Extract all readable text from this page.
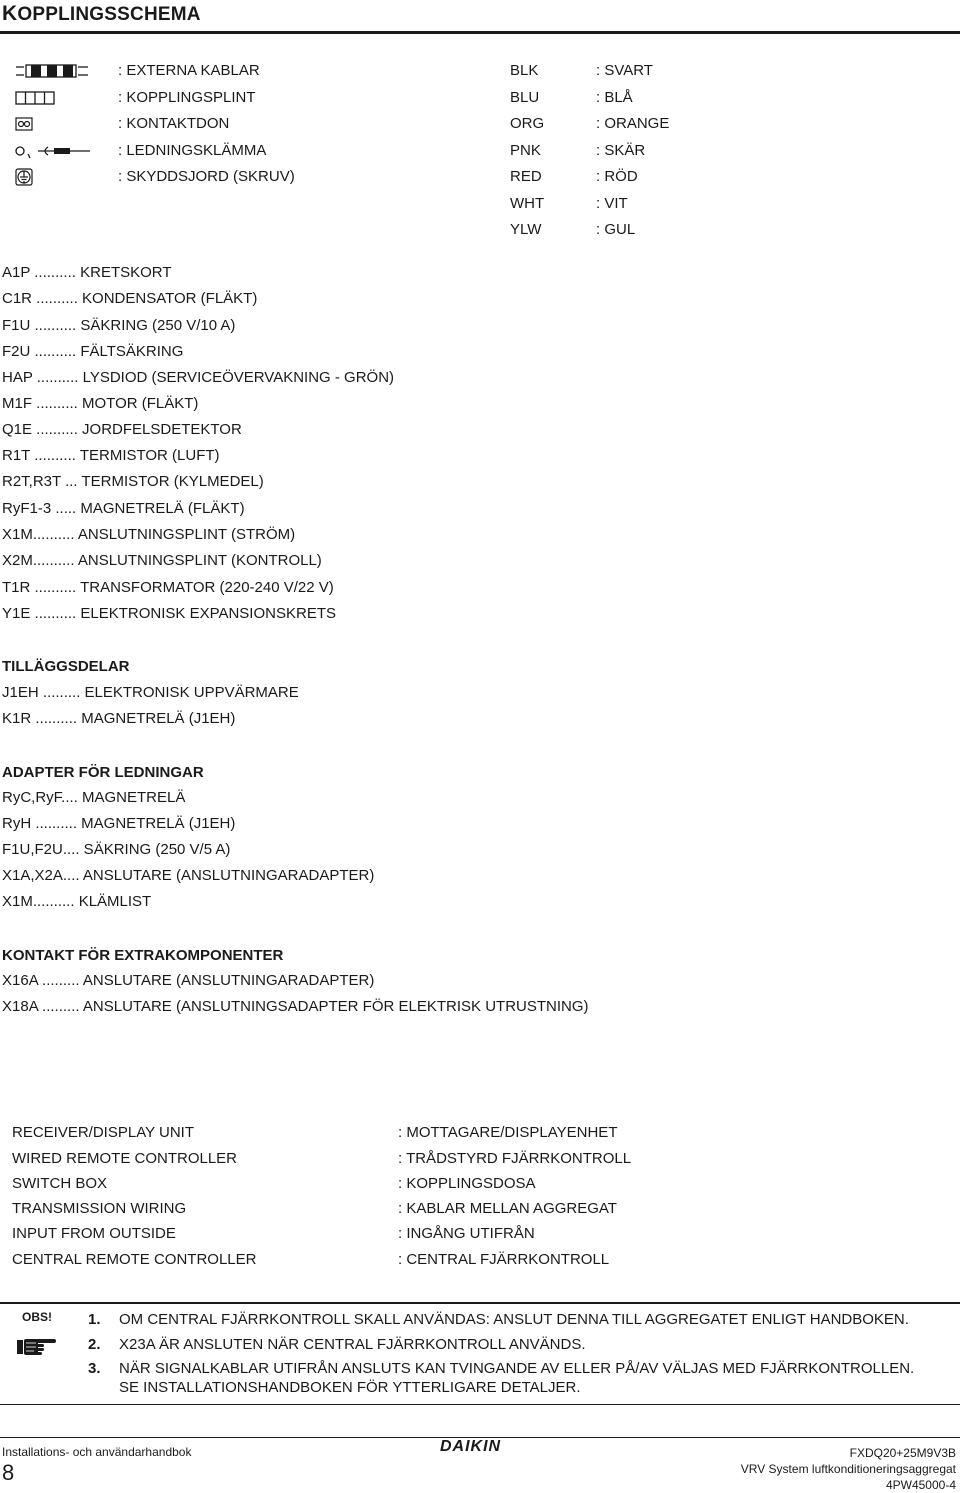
KOPPLINGSSCHEMA
: EXTERNA KABLAR
: KOPPLINGSPLINT
: KONTAKTDON
: LEDNINGSKLÄMMA
: SKYDDSJORD (SKRUV)
BLK	: SVART
BLU	: BLÅ
ORG	: ORANGE
PNK	: SKÄR
RED	: RÖD
WHT	: VIT
YLW	: GUL
A1P .......... KRETSKORT
C1R .......... KONDENSATOR (FLÄKT)
F1U .......... SÄKRING (250 V/10 A)
F2U .......... FÄLTSÄKRING
HAP .......... LYSDIOD (SERVICEÖVERVAKNING - GRÖN)
M1F .......... MOTOR (FLÄKT)
Q1E .......... JORDFELSDETEKTOR
R1T .......... TERMISTOR (LUFT)
R2T,R3T ... TERMISTOR (KYLMEDEL)
RyF1-3 ..... MAGNETRELÄ (FLÄKT)
X1M.......... ANSLUTNINGSPLINT (STRÖM)
X2M.......... ANSLUTNINGSPLINT (KONTROLL)
T1R .......... TRANSFORMATOR (220-240 V/22 V)
Y1E .......... ELEKTRONISK EXPANSIONSKRETS
TILLÄGGSDELAR
J1EH ......... ELEKTRONISK UPPVÄRMARE
K1R .......... MAGNETRELÄ (J1EH)
ADAPTER FÖR LEDNINGAR
RyC,RyF.... MAGNETRELÄ
RyH .......... MAGNETRELÄ (J1EH)
F1U,F2U.... SÄKRING (250 V/5 A)
X1A,X2A.... ANSLUTARE (ANSLUTNINGARADAPTER)
X1M.......... KLÄMLIST
KONTAKT FÖR EXTRAKOMPONENTER
X16A ......... ANSLUTARE (ANSLUTNINGARADAPTER)
X18A ......... ANSLUTARE (ANSLUTNINGSADAPTER FÖR ELEKTRISK UTRUSTNING)
RECEIVER/DISPLAY UNIT	: MOTTAGARE/DISPLAYENHET
WIRED REMOTE CONTROLLER	: TRÅDSTYRD FJÄRRKONTROLL
SWITCH BOX	: KOPPLINGSDOSA
TRANSMISSION WIRING	: KABLAR MELLAN AGGREGAT
INPUT FROM OUTSIDE	: INGÅNG UTIFRÅN
CENTRAL REMOTE CONTROLLER	: CENTRAL FJÄRRKONTROLL
OBS! 1. OM CENTRAL FJÄRRKONTROLL SKALL ANVÄNDAS: ANSLUT DENNA TILL AGGREGATET ENLIGT HANDBOKEN.
2. X23A ÄR ANSLUTEN NÄR CENTRAL FJÄRRKONTROLL ANVÄNDS.
3. NÄR SIGNALKABLAR UTIFRÅN ANSLUTS KAN TVINGANDE AV ELLER PÅ/AV VÄLJAS MED FJÄRRKONTROLLEN.
SE INSTALLATIONSHANDBOKEN FÖR YTTERLIGARE DETALJER.
Installations- och användarhandbok
8
DAIKIN	FXDQ20+25M9V3B
VRV System luftkonditioneringsaggregat
4PW45000-4
